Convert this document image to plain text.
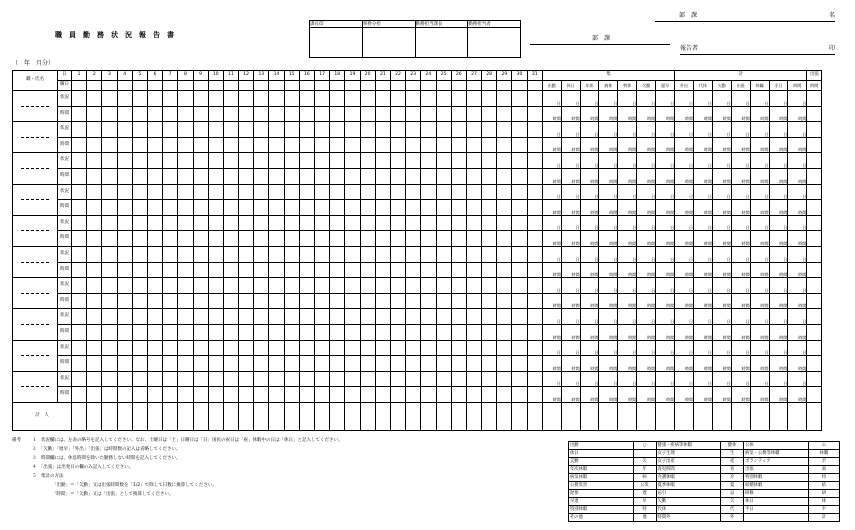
職員勤務状況報告書
課長印	事務分担	勤務担当課長	勤務担当者

部　課	名
部　課
報告者	印
（　年　月分）
職・氏名	日	1	2	3	4	5	6	7	8	9	10	11	12	13	14	15	16	17	18	19	20	21	22	23	24	25	26	27	28	29	30	31	集							計							出張
	曜日																																出勤	休日	年休	病休	特休	欠勤	遅早	外出	代休	欠勤	出張	休職	半日	時間	時間

	状況																																日	日	日	日	日	日	日	日	日	日	日	日	日	日	
	時間																																時間	時間	時間	時間	時間	時間	時間	時間	時間	時間	時間	時間	時間	時間	

	状況																																日	日	日	日	日	日	日	日	日	日	日	日	日	日	
	時間																																時間	時間	時間	時間	時間	時間	時間	時間	時間	時間	時間	時間	時間	時間	

	状況																																日	日	日	日	日	日	日	日	日	日	日	日	日	日	
	時間																																時間	時間	時間	時間	時間	時間	時間	時間	時間	時間	時間	時間	時間	時間	

	状況																																日	日	日	日	日	日	日	日	日	日	日	日	日	日	
	時間																																時間	時間	時間	時間	時間	時間	時間	時間	時間	時間	時間	時間	時間	時間	

	状況																																日	日	日	日	日	日	日	日	日	日	日	日	日	日	
	時間																																時間	時間	時間	時間	時間	時間	時間	時間	時間	時間	時間	時間	時間	時間	

	状況																																日	日	日	日	日	日	日	日	日	日	日	日	日	日	
	時間																																時間	時間	時間	時間	時間	時間	時間	時間	時間	時間	時間	時間	時間	時間	

	状況																																日	日	日	日	日	日	日	日	日	日	日	日	日	日	
	時間																																時間	時間	時間	時間	時間	時間	時間	時間	時間	時間	時間	時間	時間	時間	

	状況																																日	日	日	日	日	日	日	日	日	日	日	日	日	日	
	時間																																時間	時間	時間	時間	時間	時間	時間	時間	時間	時間	時間	時間	時間	時間	

	状況																																日	日	日	日	日	日	日	日	日	日	日	日	日	日	
	時間																																時間	時間	時間	時間	時間	時間	時間	時間	時間	時間	時間	時間	時間	時間	

	状況																																日	日	日	日	日	日	日	日	日	日	日	日	日	日	
	時間																																時間	時間	時間	時間	時間	時間	時間	時間	時間	時間	時間	時間	時間	時間	
計　人																																															
備考 １　状況欄には、左表の略号を記入してください。なお、土曜日は「土」日曜日は「日」国民の祝日は「祝」休暇中の日は「休日」と記入してください。
２　「欠勤」「遅早」「外出」「出張」は時間数の記入は省略してください。
３　時間欄には、休息時間を除いた勤務しない時間を記入してください。
４　「出張」は出発日の欄のみ記入してください。
５　集計の方法
「出勤」＝「欠勤」又は出張時間数を「1/2」で除して日数に換算してください。
「時間」＝「欠勤」又は「出張」として換算してください。
出勤	○	健康・疾病等休暇	健休	公休	公
休日		女子生理	生	病気・公務等休職	休職
欠勤	欠	女子出産	産	ボランティア	ボ
年次休暇	年	育児時間	育	出張	張
病気休暇	病	介護休暇	介	特別休暇	特
公務災害	公災	夏季休暇	夏	結婚休暇	結
遅参	遅	忌引	忌	研修	研
早退	早	欠勤	欠	休日	休
特別休暇	特	代休	代	半日	半
その他	他	時間外	外		計
